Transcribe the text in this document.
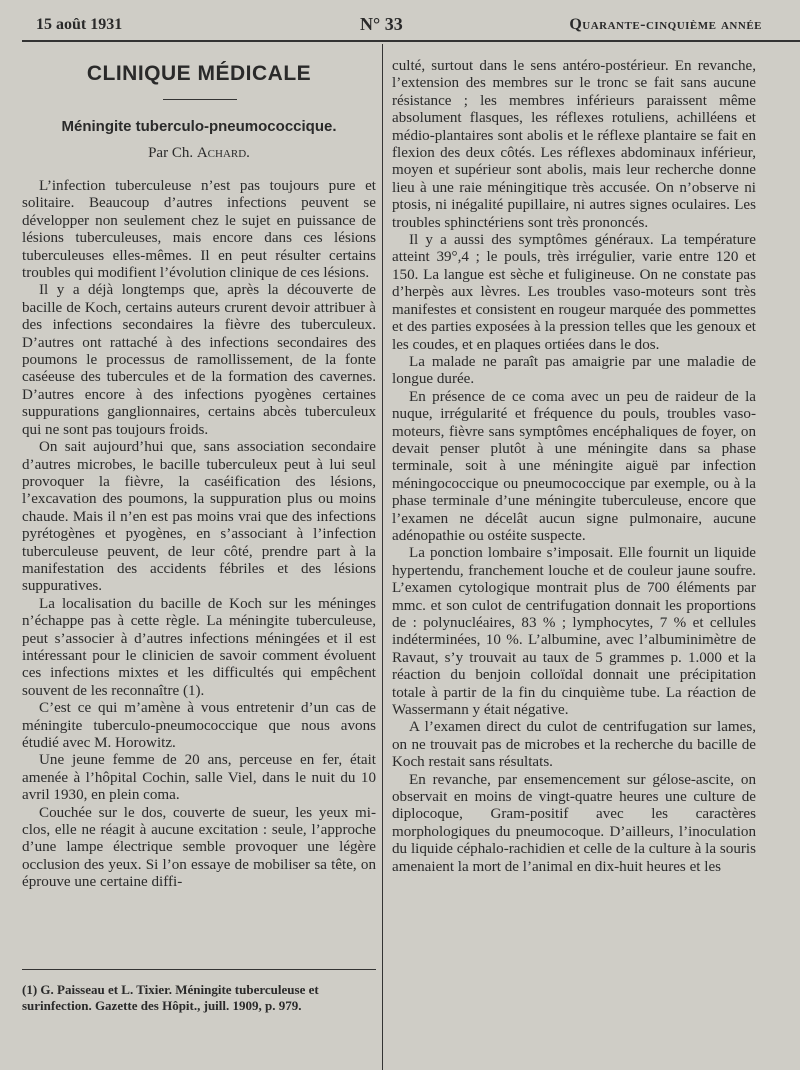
15 août 1931	N° 33	Quarante-cinquième année
CLINIQUE MÉDICALE
Méningite tuberculo-pneumococcique.
Par Ch. Achard.

L’infection tuberculeuse n’est pas toujours pure et solitaire. Beaucoup d’autres infections peuvent se développer non seulement chez le sujet en puissance de lésions tuberculeuses, mais encore dans ces lésions tuberculeuses elles-mêmes. Il en peut résulter certains troubles qui modifient l’évolution clinique de ces lésions.

Il y a déjà longtemps que, après la découverte de bacille de Koch, certains auteurs crurent devoir attribuer à des infections secondaires la fièvre des tuberculeux. D’autres ont rattaché à des infections secondaires des poumons le processus de ramollissement, de la fonte caséeuse des tubercules et de la formation des cavernes. D’autres encore à des infections pyogènes certaines suppurations ganglionnaires, certains abcès tuberculeux qui ne sont pas toujours froids.

On sait aujourd’hui que, sans association secondaire d’autres microbes, le bacille tuberculeux peut à lui seul provoquer la fièvre, la caséification des lésions, l’excavation des poumons, la suppuration plus ou moins chaude. Mais il n’en est pas moins vrai que des infections pyrétogènes et pyogènes, en s’associant à l’infection tuberculeuse peuvent, de leur côté, prendre part à la manifestation des accidents fébriles et des lésions suppuratives.

La localisation du bacille de Koch sur les méninges n’échappe pas à cette règle. La méningite tuberculeuse, peut s’associer à d’autres infections méningées et il est intéressant pour le clinicien de savoir comment évoluent ces infections mixtes et les difficultés qui empêchent souvent de les reconnaître (1).

C’est ce qui m’amène à vous entretenir d’un cas de méningite tuberculo-pneumococcique que nous avons étudié avec M. Horowitz.

Une jeune femme de 20 ans, perceuse en fer, était amenée à l’hôpital Cochin, salle Viel, dans le nuit du 10 avril 1930, en plein coma.

Couchée sur le dos, couverte de sueur, les yeux mi-clos, elle ne réagit à aucune excitation : seule, l’approche d’une lampe électrique semble provoquer une légère occlusion des yeux. Si l’on essaye de mobiliser sa tête, on éprouve une certaine diffi-

(1) G. Paisseau et L. Tixier. Méningite tuberculeuse et surinfection. Gazette des Hôpit., juill. 1909, p. 979.

culté, surtout dans le sens antéro-postérieur. En revanche, l’extension des membres sur le tronc se fait sans aucune résistance ; les membres inférieurs paraissent même absolument flasques, les réflexes rotuliens, achilléens et médio-plantaires sont abolis et le réflexe plantaire se fait en flexion des deux côtés. Les réflexes abdominaux inférieur, moyen et supérieur sont abolis, mais leur recherche donne lieu à une raie méningitique très accusée. On n’observe ni ptosis, ni inégalité pupillaire, ni autres signes oculaires. Les troubles sphinctériens sont très prononcés.

Il y a aussi des symptômes généraux. La température atteint 39°,4 ; le pouls, très irrégulier, varie entre 120 et 150. La langue est sèche et fuligineuse. On ne constate pas d’herpès aux lèvres. Les troubles vaso-moteurs sont très manifestes et consistent en rougeur marquée des pommettes et des parties exposées à la pression telles que les genoux et les coudes, et en plaques ortiées dans le dos.

La malade ne paraît pas amaigrie par une maladie de longue durée.

En présence de ce coma avec un peu de raideur de la nuque, irrégularité et fréquence du pouls, troubles vaso-moteurs, fièvre sans symptômes encéphaliques de foyer, on devait penser plutôt à une méningite dans sa phase terminale, soit à une méningite aiguë par infection méningococcique ou pneumococcique par exemple, ou à la phase terminale d’une méningite tuberculeuse, encore que l’examen ne décelât aucun signe pulmonaire, aucune adénopathie ou ostéite suspecte.

La ponction lombaire s’imposait. Elle fournit un liquide hypertendu, franchement louche et de couleur jaune soufre. L’examen cytologique montrait plus de 700 éléments par mmc. et son culot de centrifugation donnait les proportions de : polynucléaires, 83 % ; lymphocytes, 7 % et cellules indéterminées, 10 %. L’albumine, avec l’albuminimètre de Ravaut, s’y trouvait au taux de 5 grammes p. 1.000 et la réaction du benjoin colloïdal donnait une précipitation totale à partir de la fin du cinquième tube. La réaction de Wassermann y était négative.

A l’examen direct du culot de centrifugation sur lames, on ne trouvait pas de microbes et la recherche du bacille de Koch restait sans résultats.

En revanche, par ensemencement sur gélose-ascite, on observait en moins de vingt-quatre heures une culture de diplocoque, Gram-positif avec les caractères morphologiques du pneumocoque. D’ailleurs, l’inoculation du liquide céphalo-rachidien et celle de la culture à la souris amenaient la mort de l’animal en dix-huit heures et les
